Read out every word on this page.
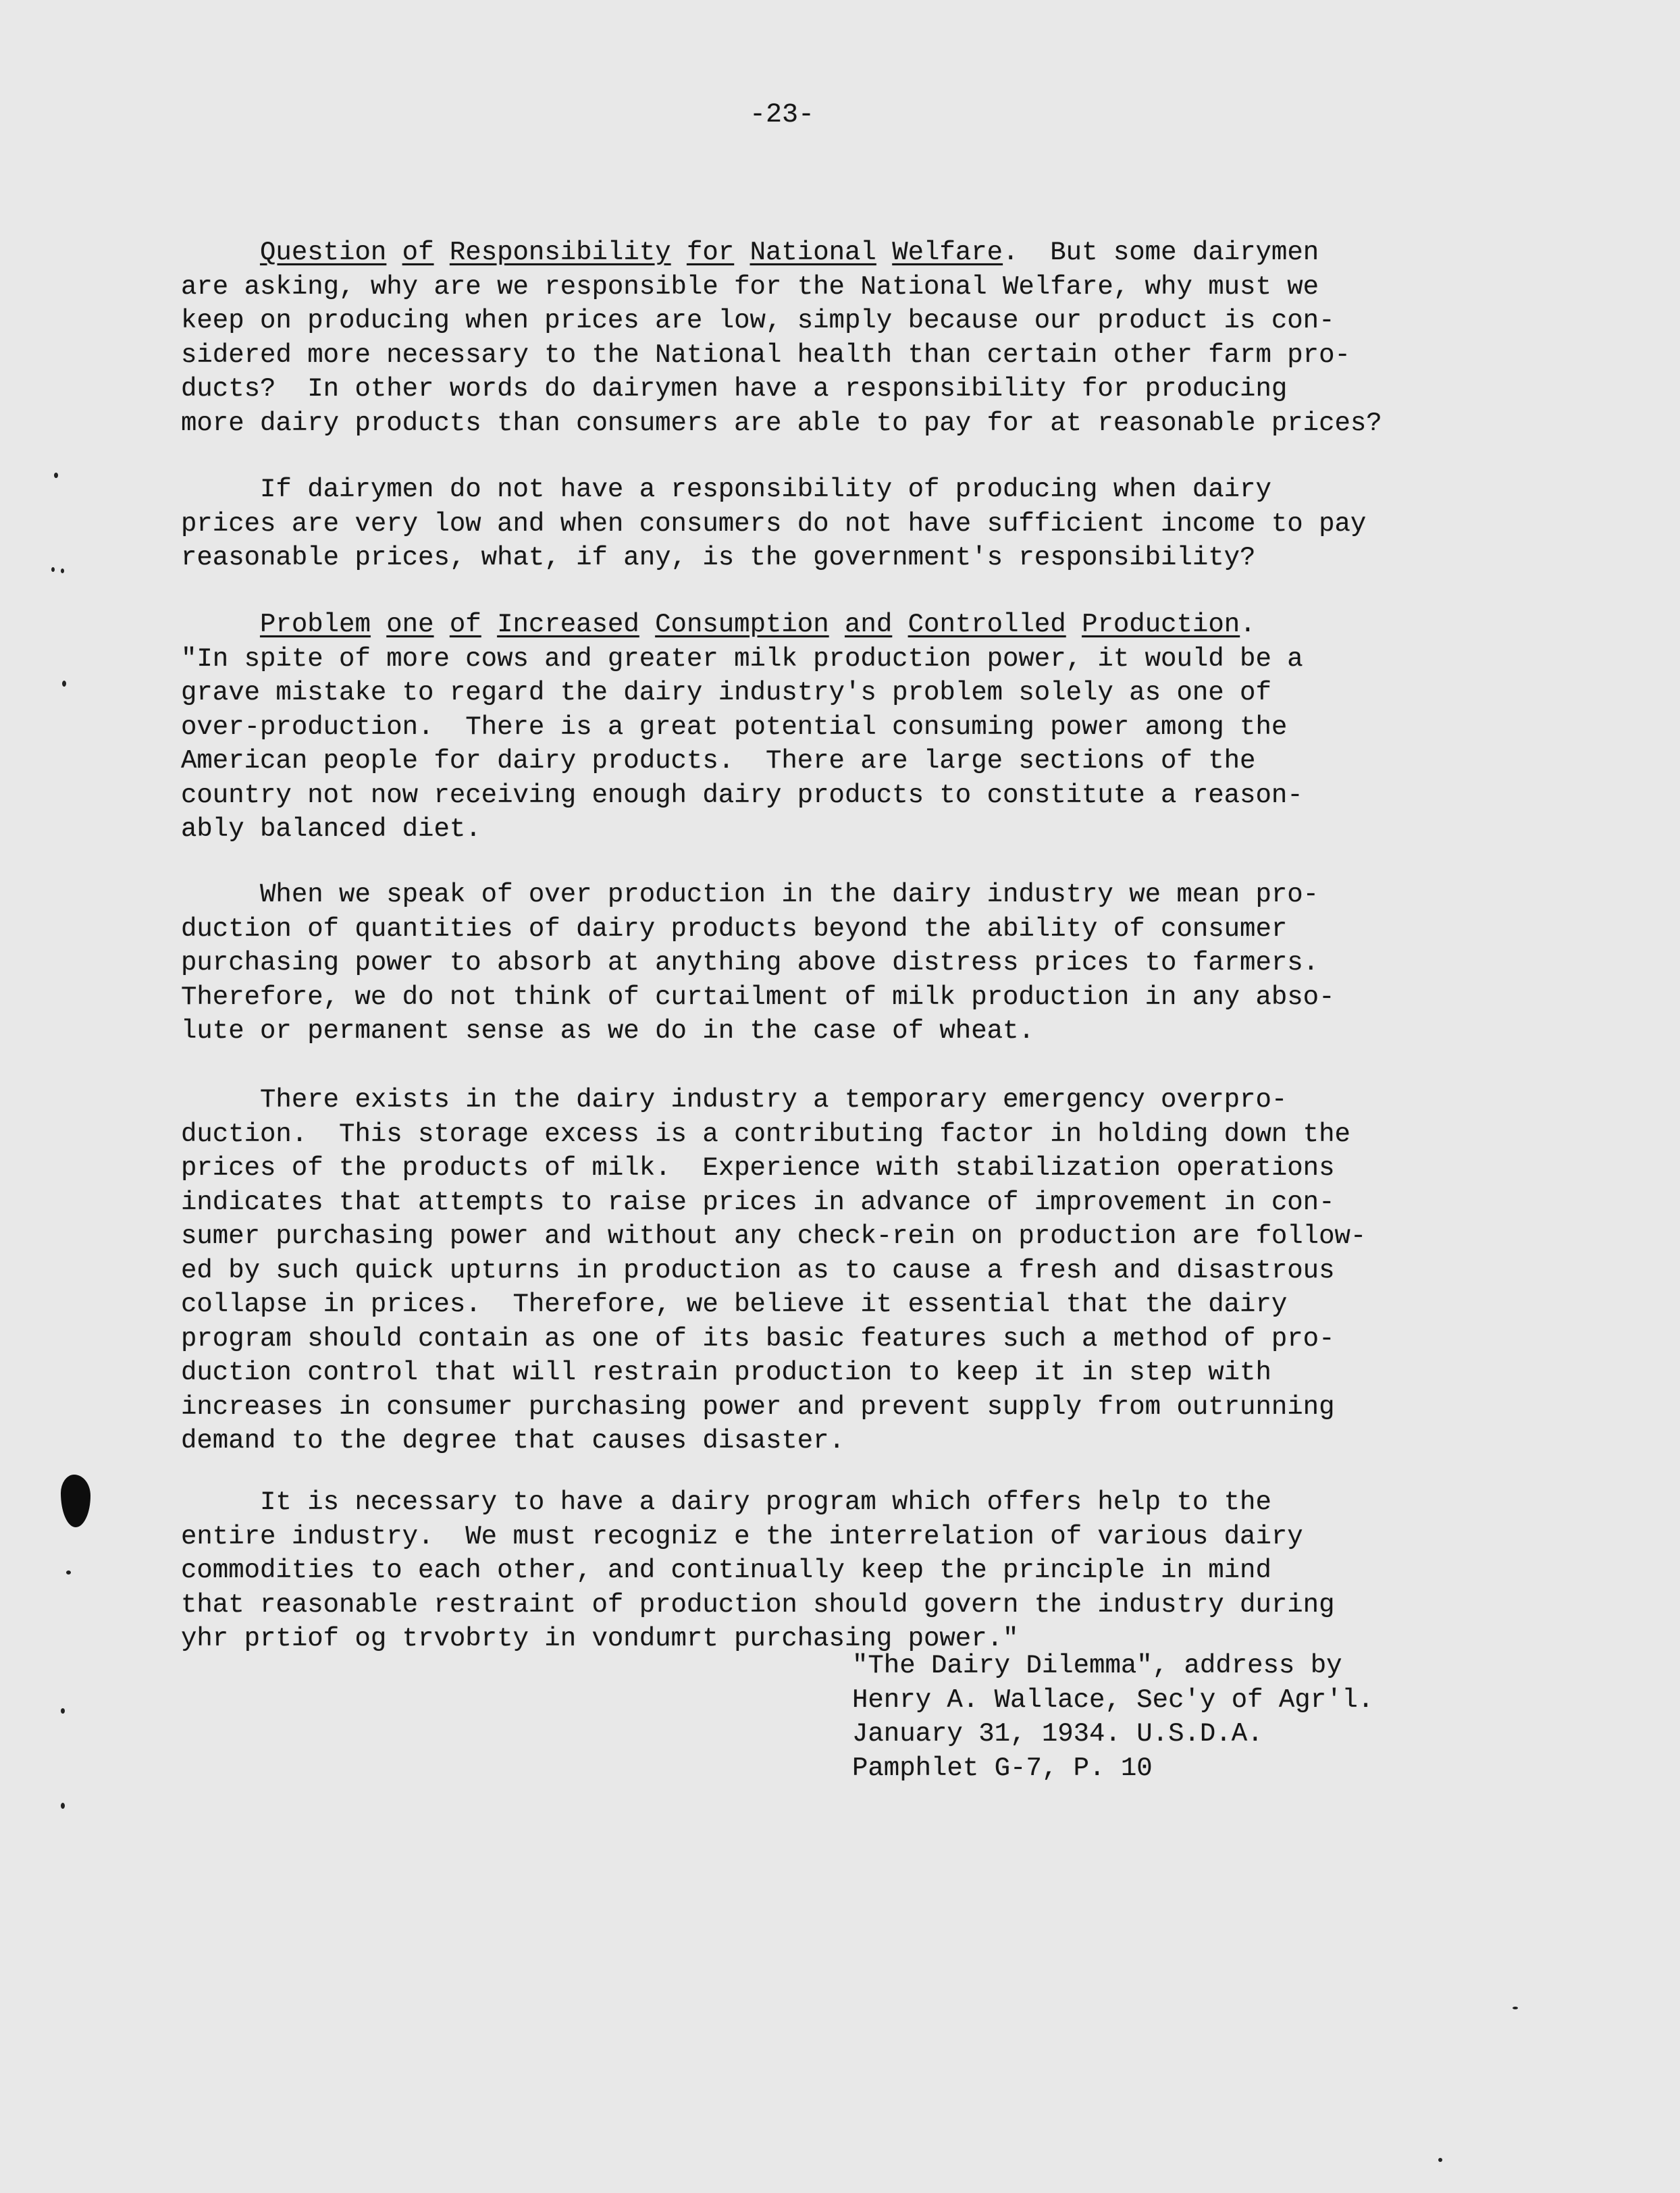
-23-
Question of Responsibility for National Welfare.  But some dairymen
are asking, why are we responsible for the National Welfare, why must we
keep on producing when prices are low, simply because our product is con-
sidered more necessary to the National health than certain other farm pro-
ducts?  In other words do dairymen have a responsibility for producing
more dairy products than consumers are able to pay for at reasonable prices?
If dairymen do not have a responsibility of producing when dairy
prices are very low and when consumers do not have sufficient income to pay
reasonable prices, what, if any, is the government's responsibility?
Problem one of Increased Consumption and Controlled Production.
"In spite of more cows and greater milk production power, it would be a
grave mistake to regard the dairy industry's problem solely as one of
over-production.  There is a great potential consuming power among the
American people for dairy products.  There are large sections of the
country not now receiving enough dairy products to constitute a reason-
ably balanced diet.
When we speak of over production in the dairy industry we mean pro-
duction of quantities of dairy products beyond the ability of consumer
purchasing power to absorb at anything above distress prices to farmers.
Therefore, we do not think of curtailment of milk production in any abso-
lute or permanent sense as we do in the case of wheat.
There exists in the dairy industry a temporary emergency overpro-
duction.  This storage excess is a contributing factor in holding down the
prices of the products of milk.  Experience with stabilization operations
indicates that attempts to raise prices in advance of improvement in con-
sumer purchasing power and without any check-rein on production are follow-
ed by such quick upturns in production as to cause a fresh and disastrous
collapse in prices.  Therefore, we believe it essential that the dairy
program should contain as one of its basic features such a method of pro-
duction control that will restrain production to keep it in step with
increases in consumer purchasing power and prevent supply from outrunning
demand to the degree that causes disaster.
It is necessary to have a dairy program which offers help to the
entire industry.  We must recogniz e the interrelation of various dairy
commodities to each other, and continually keep the principle in mind
that reasonable restraint of production should govern the industry during
yhr prtiof og trvobrty in vondumrt purchasing power."
"The Dairy Dilemma", address by
Henry A. Wallace, Sec'y of Agr'l.
January 31, 1934. U.S.D.A.
Pamphlet G-7, P. 10
